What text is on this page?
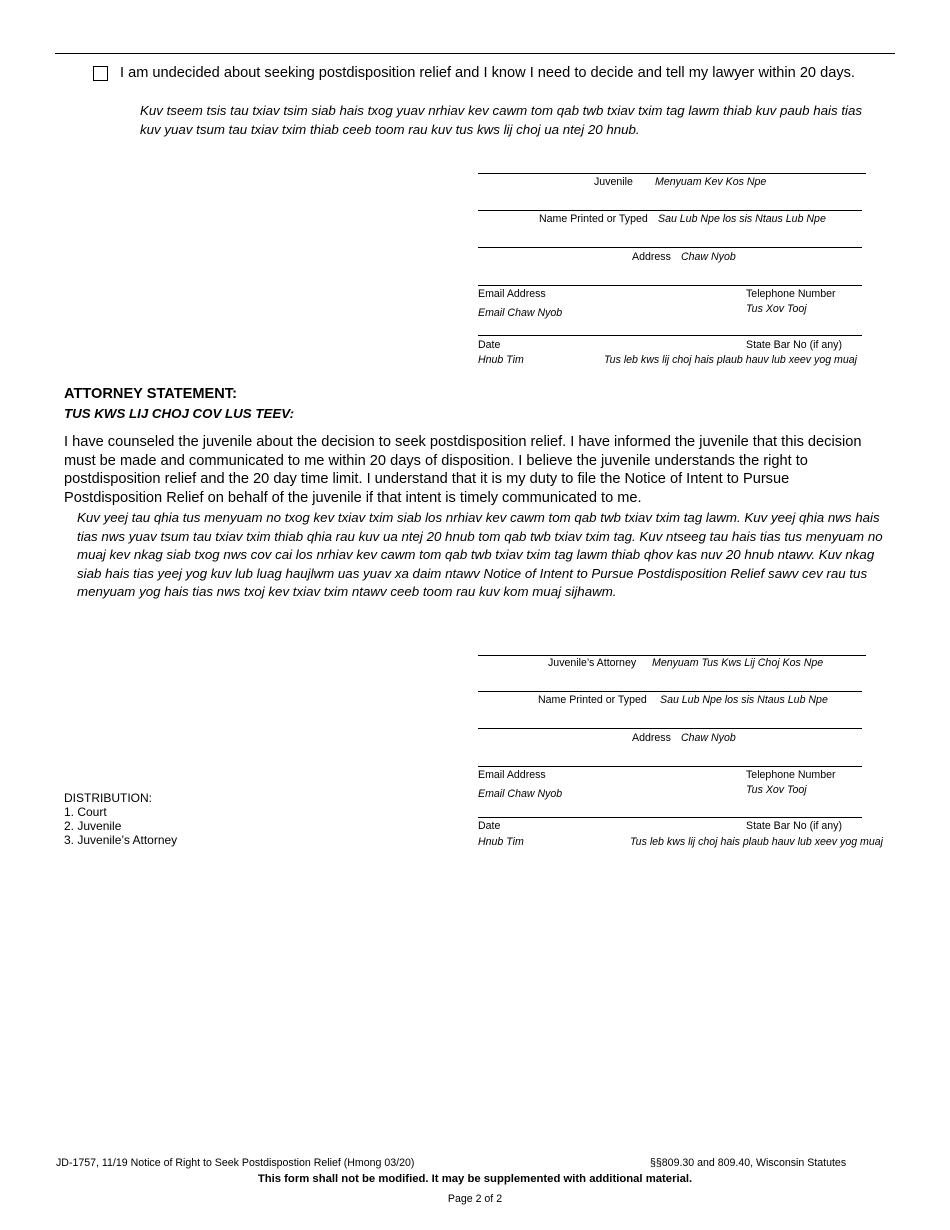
I am undecided about seeking postdisposition relief and I know I need to decide and tell my lawyer within 20 days.
Kuv tseem tsis tau txiav tsim siab hais txog yuav nrhiav kev cawm tom qab twb txiav txim tag lawm thiab kuv paub hais tias kuv yuav tsum tau txiav txim thiab ceeb toom rau kuv tus kws lij choj ua ntej 20 hnub.
Juvenile Menyuam Kev Kos Npe
Name Printed or Typed Sau Lub Npe los sis Ntaus Lub Npe
Address Chaw Nyob
Email Address
Email Chaw Nyob
Telephone Number
Tus Xov Tooj
Date
Hnub Tim
State Bar No (if any)
Tus leb kws lij choj hais plaub hauv lub xeev yog muaj
ATTORNEY STATEMENT:
TUS KWS LIJ CHOJ COV LUS TEEV:
I have counseled the juvenile about the decision to seek postdisposition relief. I have informed the juvenile that this decision must be made and communicated to me within 20 days of disposition. I believe the juvenile understands the right to postdisposition relief and the 20 day time limit. I understand that it is my duty to file the Notice of Intent to Pursue Postdisposition Relief on behalf of the juvenile if that intent is timely communicated to me.
Kuv yeej tau qhia tus menyuam no txog kev txiav txim siab los nrhiav kev cawm tom qab twb txiav txim tag lawm. Kuv yeej qhia nws hais tias nws yuav tsum tau txiav txim thiab qhia rau kuv ua ntej 20 hnub tom qab twb txiav txim tag. Kuv ntseeg tau hais tias tus menyuam no muaj kev nkag siab txog nws cov cai los nrhiav kev cawm tom qab twb txiav txim tag lawm thiab qhov kas nuv 20 hnub ntawv. Kuv nkag siab hais tias yeej yog kuv lub luag haujlwm uas yuav xa daim ntawv Notice of Intent to Pursue Postdisposition Relief sawv cev rau tus menyuam yog hais tias nws txoj kev txiav txim ntawv ceeb toom rau kuv kom muaj sijhawm.
Juvenile’s Attorney Menyuam Tus Kws Lij Choj Kos Npe
Name Printed or Typed Sau Lub Npe los sis Ntaus Lub Npe
Address Chaw Nyob
Email Address
Email Chaw Nyob
Telephone Number
Tus Xov Tooj
Date
Hnub Tim
State Bar No (if any)
Tus leb kws lij choj hais plaub hauv lub xeev yog muaj
DISTRIBUTION:
1. Court
2. Juvenile
3. Juvenile’s Attorney
JD-1757, 11/19 Notice of Right to Seek Postdispostion Relief (Hmong 03/20)	§§809.30 and 809.40, Wisconsin Statutes
This form shall not be modified. It may be supplemented with additional material.
Page 2 of 2
